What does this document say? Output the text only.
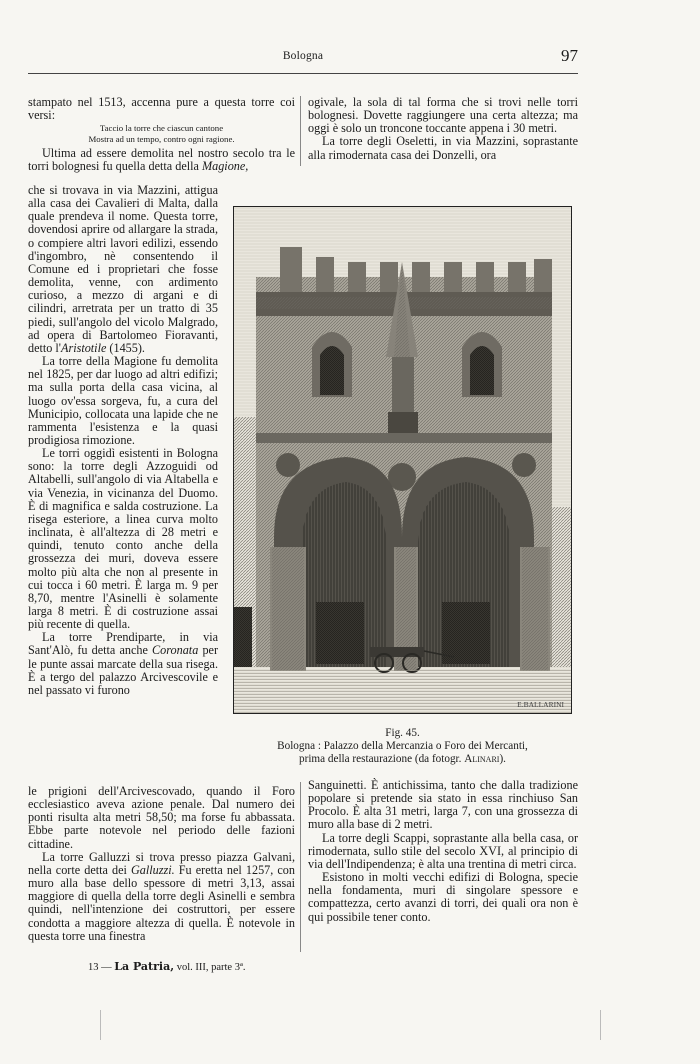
Bologna	97

stampato nel 1513, accenna pure a questa torre coi versi:

Taccio la torre che ciascun cantone
Mostra ad un tempo, contro ogni ragione.

Ultima ad essere demolita nel nostro secolo tra le torri bolognesi fu quella detta della Magione,

che si trovava in via Mazzini, attigua alla casa dei Cavalieri di Malta, dalla quale prendeva il nome. Questa torre, dovendosi aprire od allargare la strada, o compiere altri lavori edilizi, essendo d'ingombro, nè consentendo il Comune ed i proprietari che fosse demolita, venne, con ardimento curioso, a mezzo di argani e di cilindri, arretrata per un tratto di 35 piedi, sull'angolo del vicolo Malgrado, ad opera di Bartolomeo Fioravanti, detto l'Aristotile (1455).

La torre della Magione fu demolita nel 1825, per dar luogo ad altri edifizi; ma sulla porta della casa vicina, al luogo ov'essa sorgeva, fu, a cura del Municipio, collocata una lapide che ne rammenta l'esistenza e la quasi prodigiosa rimozione.

Le torri oggidì esistenti in Bologna sono: la torre degli Azzoguidi od Altabelli, sull'angolo di via Altabella e via Venezia, in vicinanza del Duomo. È di magnifica e salda costruzione. La risega esteriore, a linea curva molto inclinata, è all'altezza di 28 metri e quindi, tenuto conto anche della grossezza dei muri, doveva essere molto più alta che non al presente in cui tocca i 60 metri. È larga m. 9 per 8,70, mentre l'Asinelli è solamente larga 8 metri. È di costruzione assai più recente di quella.

La torre Prendiparte, in via Sant'Alò, fu detta anche Coronata per le punte assai marcate della sua risega. È a tergo del palazzo Arcivescovile e nel passato vi furono

le prigioni dell'Arcivescovado, quando il Foro ecclesiastico aveva azione penale. Dal numero dei ponti risulta alta metri 58,50; ma forse fu abbassata. Ebbe parte notevole nel periodo delle fazioni cittadine.

La torre Galluzzi si trova presso piazza Galvani, nella corte detta dei Galluzzi. Fu eretta nel 1257, con muro alla base dello spessore di metri 3,13, assai maggiore di quella della torre degli Asinelli e sembra quindi, nell'intenzione dei costruttori, per essere condotta a maggiore altezza di quella. È notevole in questa torre una finestra

ogivale, la sola di tal forma che si trovi nelle torri bolognesi. Dovette raggiungere una certa altezza; ma oggi è solo un troncone toccante appena i 30 metri.

La torre degli Oseletti, in via Mazzini, soprastante alla rimodernata casa dei Donzelli, ora

Sanguinetti. È antichissima, tanto che dalla tradizione popolare si pretende sia stato in essa rinchiuso San Procolo. È alta 31 metri, larga 7, con una grossezza di muro alla base di 2 metri.

La torre degli Scappi, soprastante alla bella casa, or rimodernata, sullo stile del secolo XVI, al principio di via dell'Indipendenza; è alta una trentina di metri circa.

Esistono in molti vecchi edifizi di Bologna, specie nella fondamenta, muri di singolare spessore e compattezza, certo avanzi di torri, dei quali ora non è qui possibile tener conto.

E.BALLARINI
Fig. 45.
Bologna : Palazzo della Mercanzia o Foro dei Mercanti,
prima della restaurazione (da fotogr. Alinari).
13 — La Patria, vol. III, parte 3ª.
